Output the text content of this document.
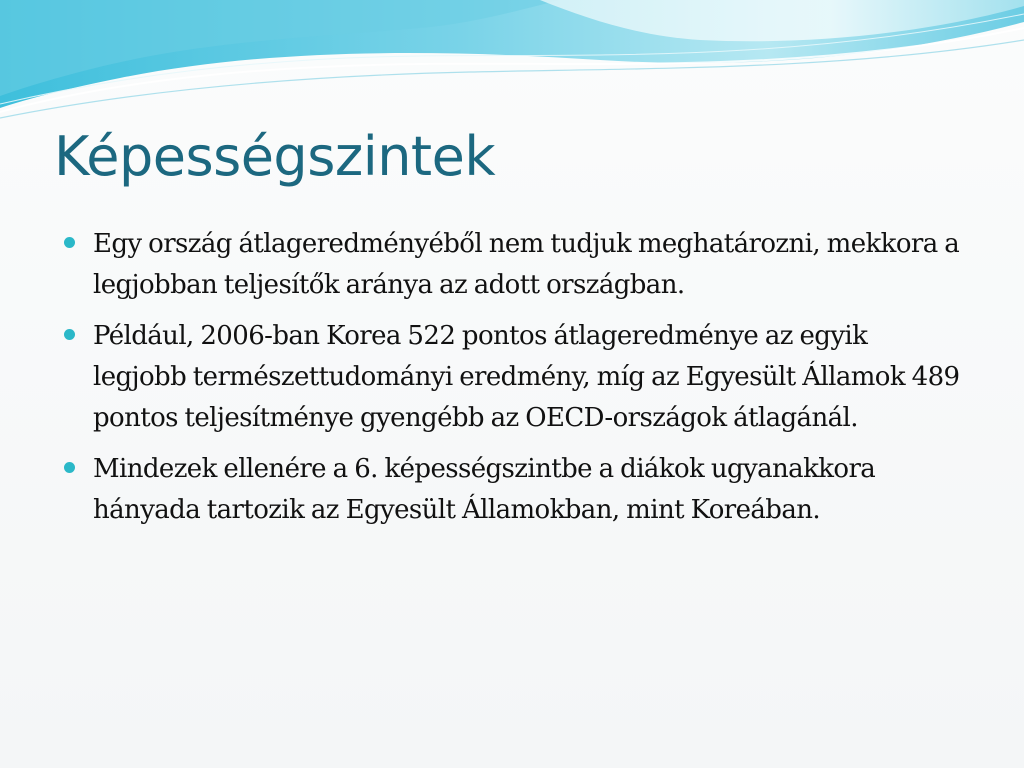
Képességszintek
Egy ország átlageredményéből nem tudjuk meghatározni, mekkora a legjobban teljesítők aránya az adott országban.
Például, 2006-ban Korea 522 pontos átlageredménye az egyik legjobb természettudományi eredmény, míg az Egyesült Államok 489 pontos teljesítménye gyengébb az OECD-országok átlagánál.
Mindezek ellenére a 6. képességszintbe a diákok ugyanakkora hányada tartozik az Egyesült Államokban, mint Koreában.
